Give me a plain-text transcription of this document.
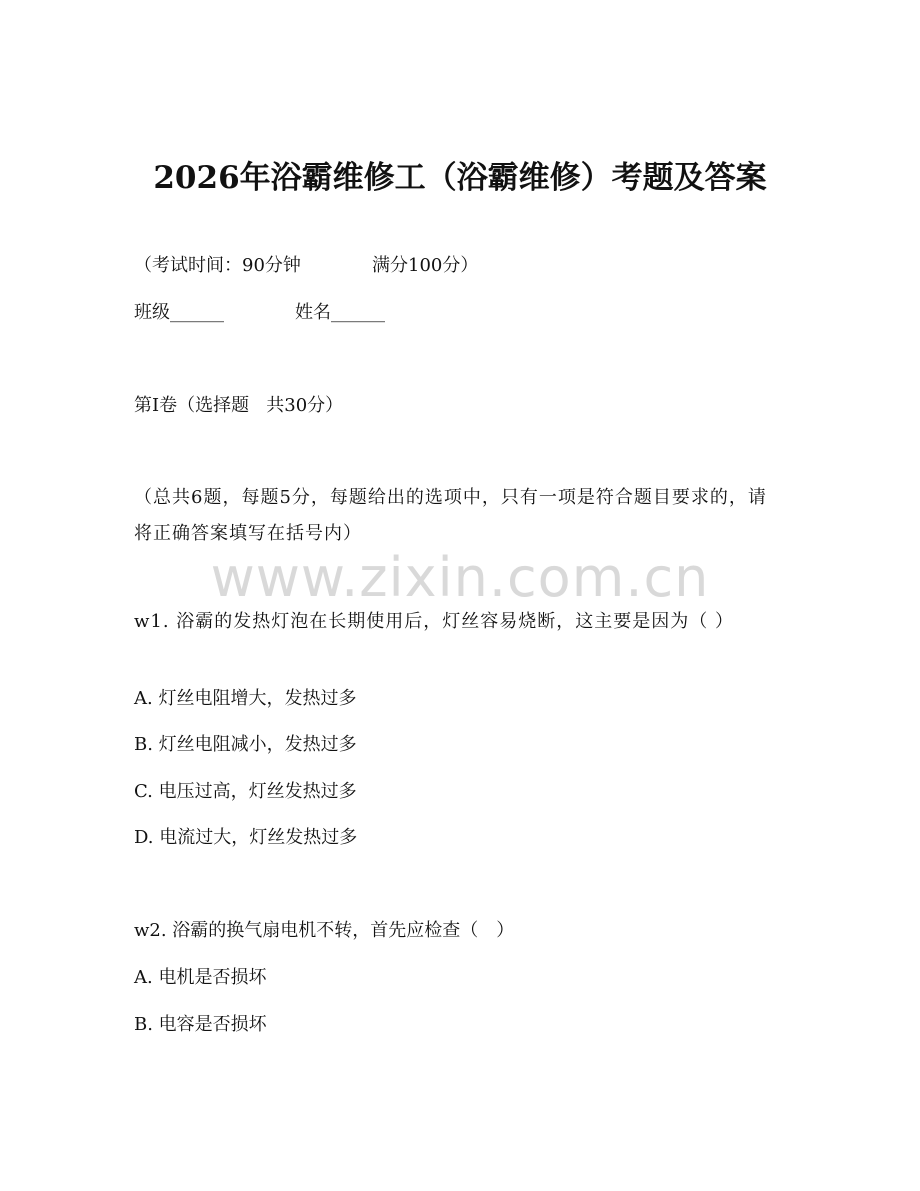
2026年浴霸维修工（浴霸维修）考题及答案
（考试时间：90分钟	满分100分）
班级______	姓名______
第Ⅰ卷（选择题   共30分）

（总共6题，每题5分，每题给出的选项中，只有一项是符合题目要求的，请将正确答案填写在括号内）

www.zixin.com.cn

w1. 浴霸的发热灯泡在长期使用后，灯丝容易烧断，这主要是因为（ ）

A. 灯丝电阻增大，发热过多
B. 灯丝电阻减小，发热过多
C. 电压过高，灯丝发热过多
D. 电流过大，灯丝发热过多
w2. 浴霸的换气扇电机不转，首先应检查（　）
A. 电机是否损坏
B. 电容是否损坏
